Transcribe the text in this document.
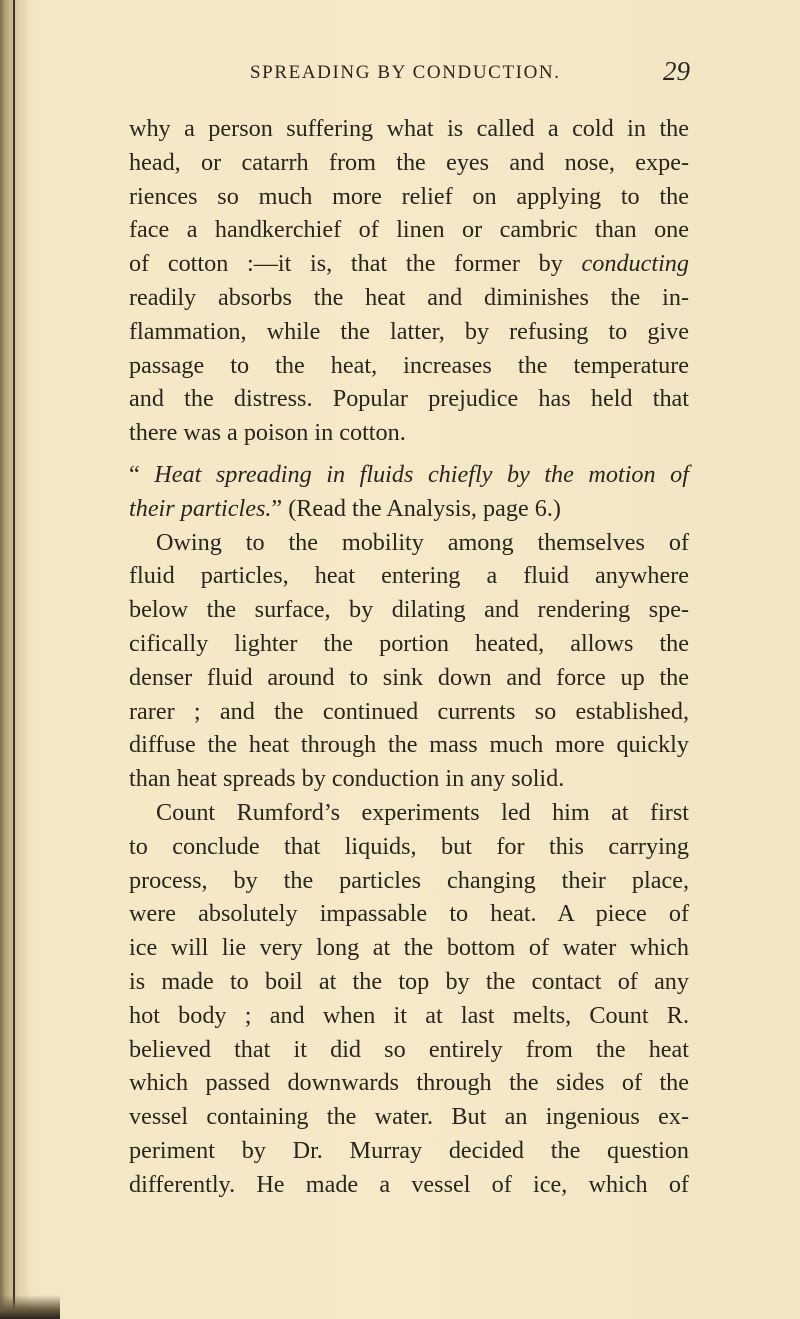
SPREADING BY CONDUCTION.	29
why a person suffering what is called a cold in the
head, or catarrh from the eyes and nose, expe-
riences so much more relief on applying to the
face a handkerchief of linen or cambric than one
of cotton :—it is, that the former by conducting
readily absorbs the heat and diminishes the in-
flammation, while the latter, by refusing to give
passage to the heat, increases the temperature
and the distress. Popular prejudice has held that
there was a poison in cotton.
“ Heat spreading in fluids chiefly by the motion of
their particles.” (Read the Analysis, page 6.)
Owing to the mobility among themselves of
fluid particles, heat entering a fluid anywhere
below the surface, by dilating and rendering spe-
cifically lighter the portion heated, allows the
denser fluid around to sink down and force up the
rarer ; and the continued currents so established,
diffuse the heat through the mass much more quickly
than heat spreads by conduction in any solid.
Count Rumford’s experiments led him at first
to conclude that liquids, but for this carrying
process, by the particles changing their place,
were absolutely impassable to heat. A piece of
ice will lie very long at the bottom of water which
is made to boil at the top by the contact of any
hot body ; and when it at last melts, Count R.
believed that it did so entirely from the heat
which passed downwards through the sides of the
vessel containing the water. But an ingenious ex-
periment by Dr. Murray decided the question
differently. He made a vessel of ice, which of
